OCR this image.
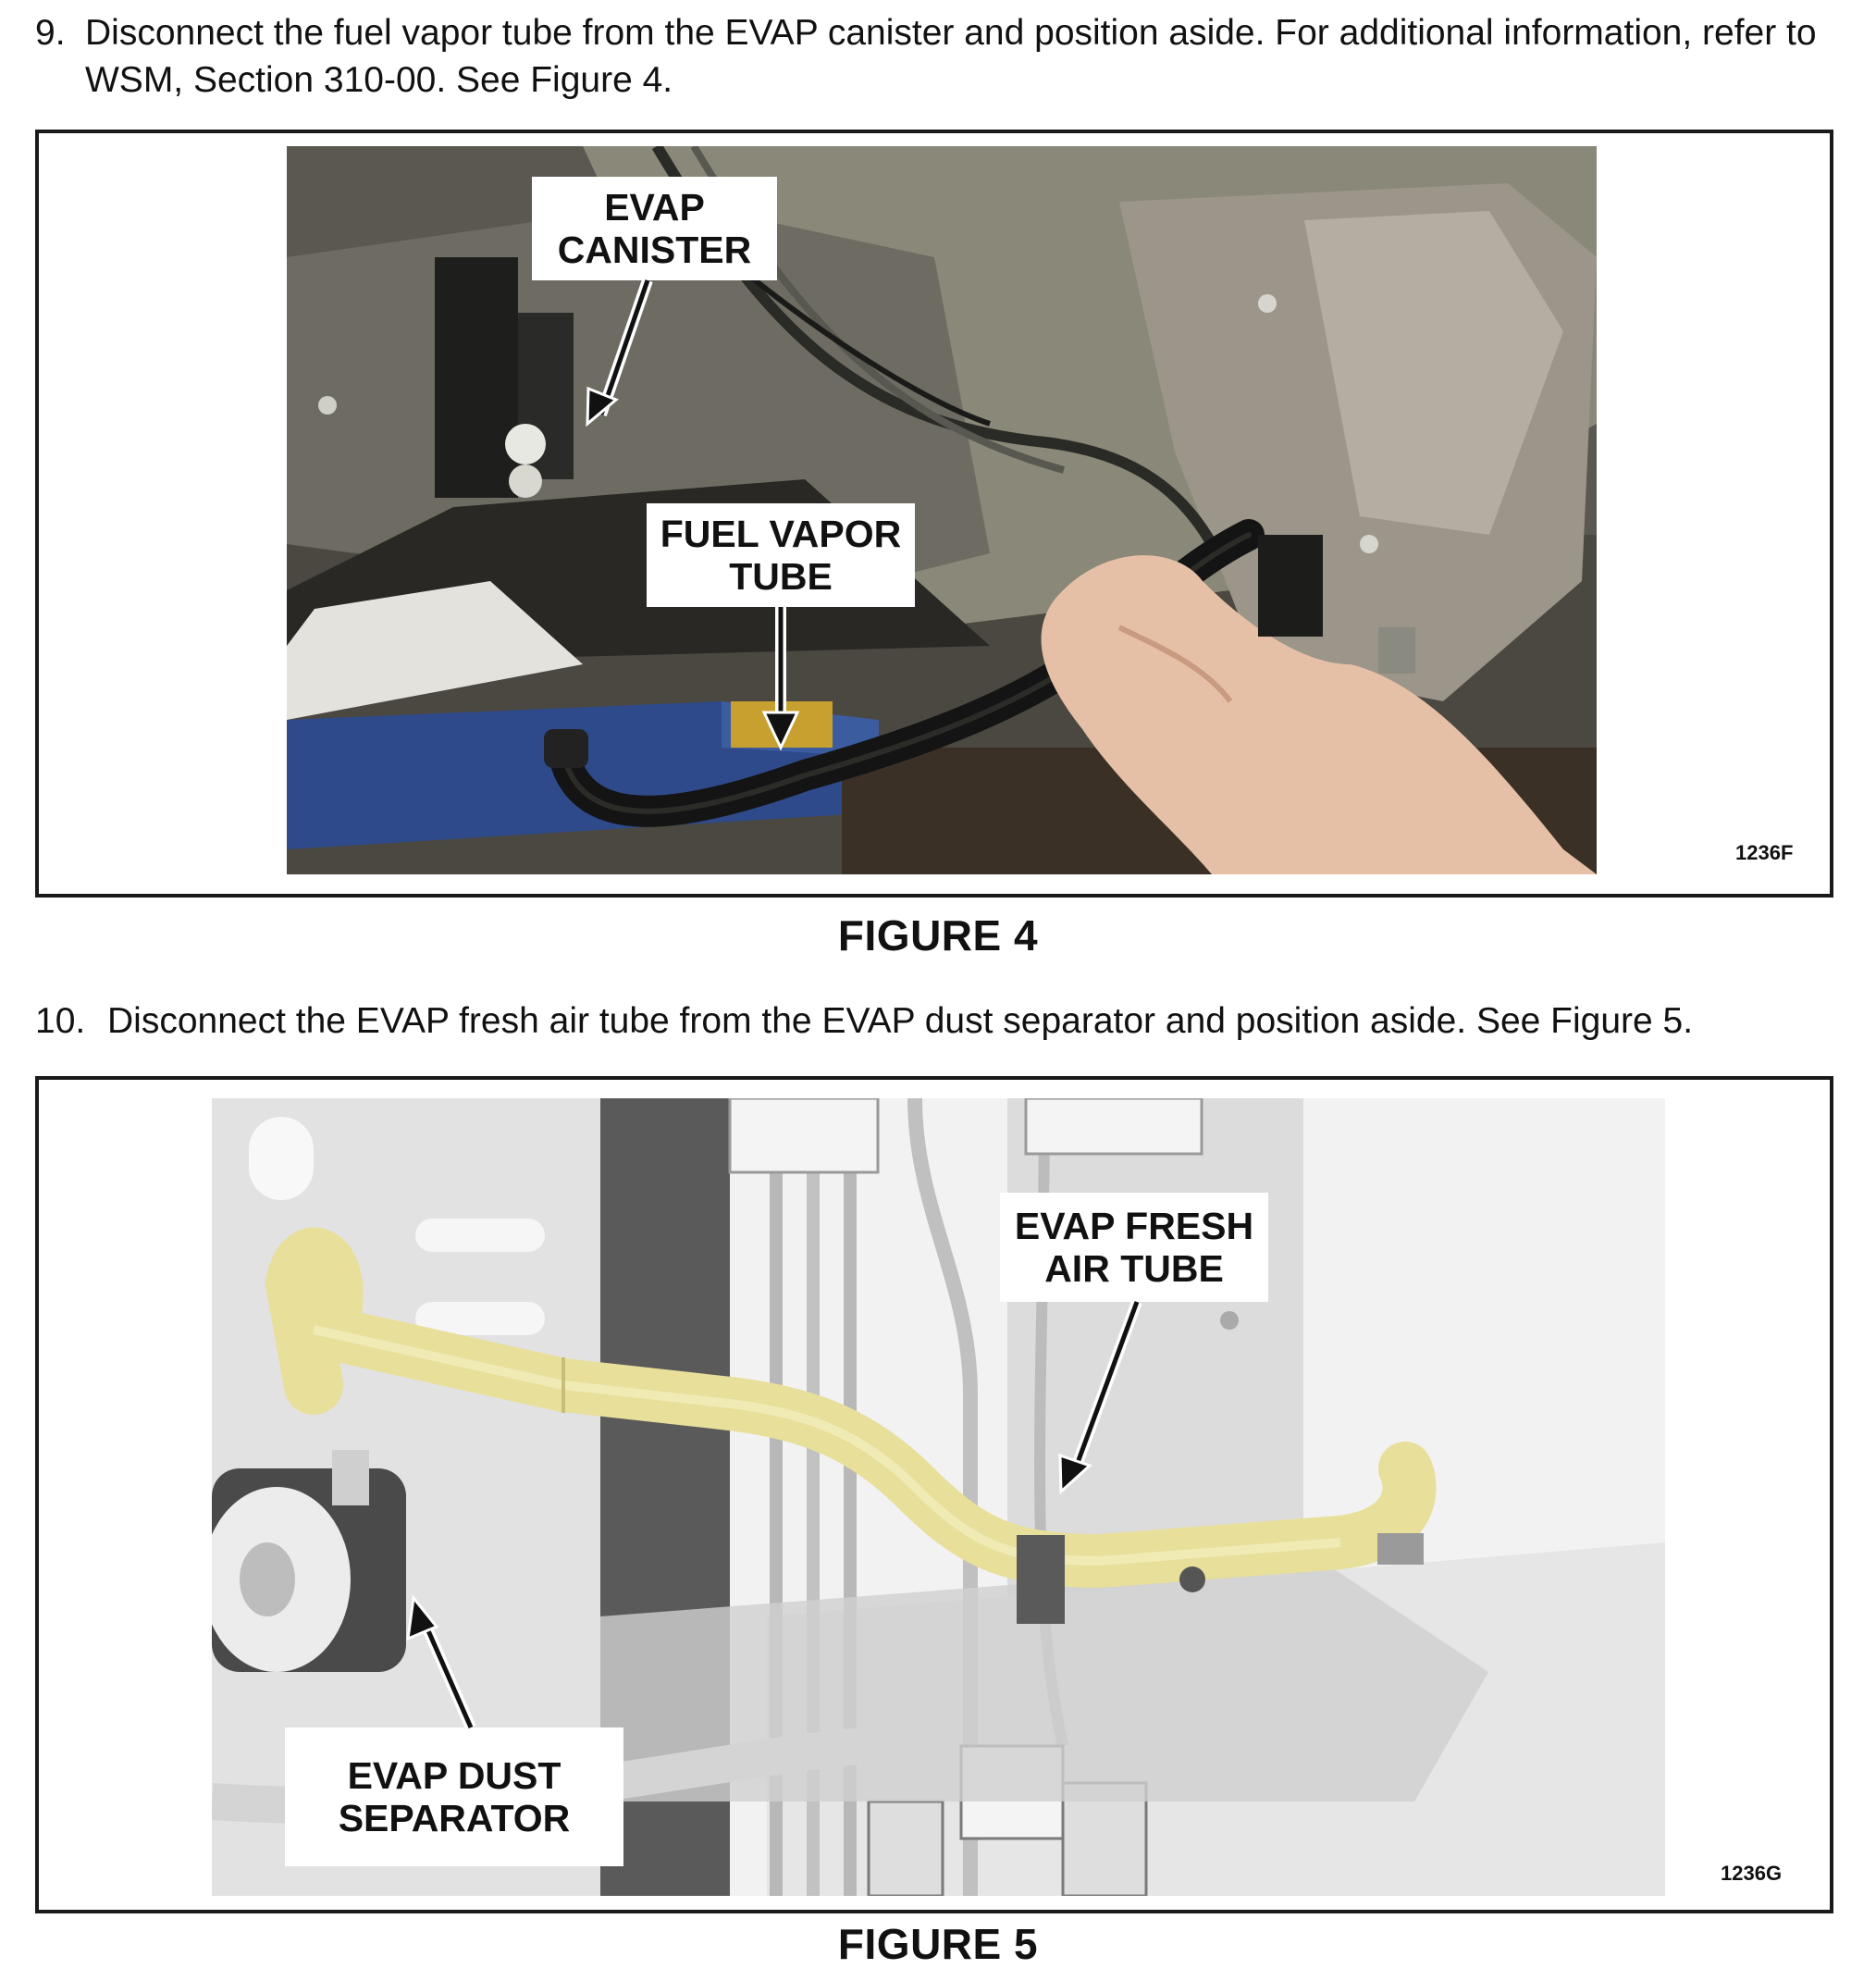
9. Disconnect the fuel vapor tube from the EVAP canister and position aside. For additional information, refer to WSM, Section 310-00. See Figure 4.
EVAP
CANISTER
FUEL VAPOR
TUBE
1236F
FIGURE 4
10. Disconnect the EVAP fresh air tube from the EVAP dust separator and position aside. See Figure 5.
EVAP FRESH
AIR TUBE
EVAP DUST
SEPARATOR
1236G
FIGURE 5
